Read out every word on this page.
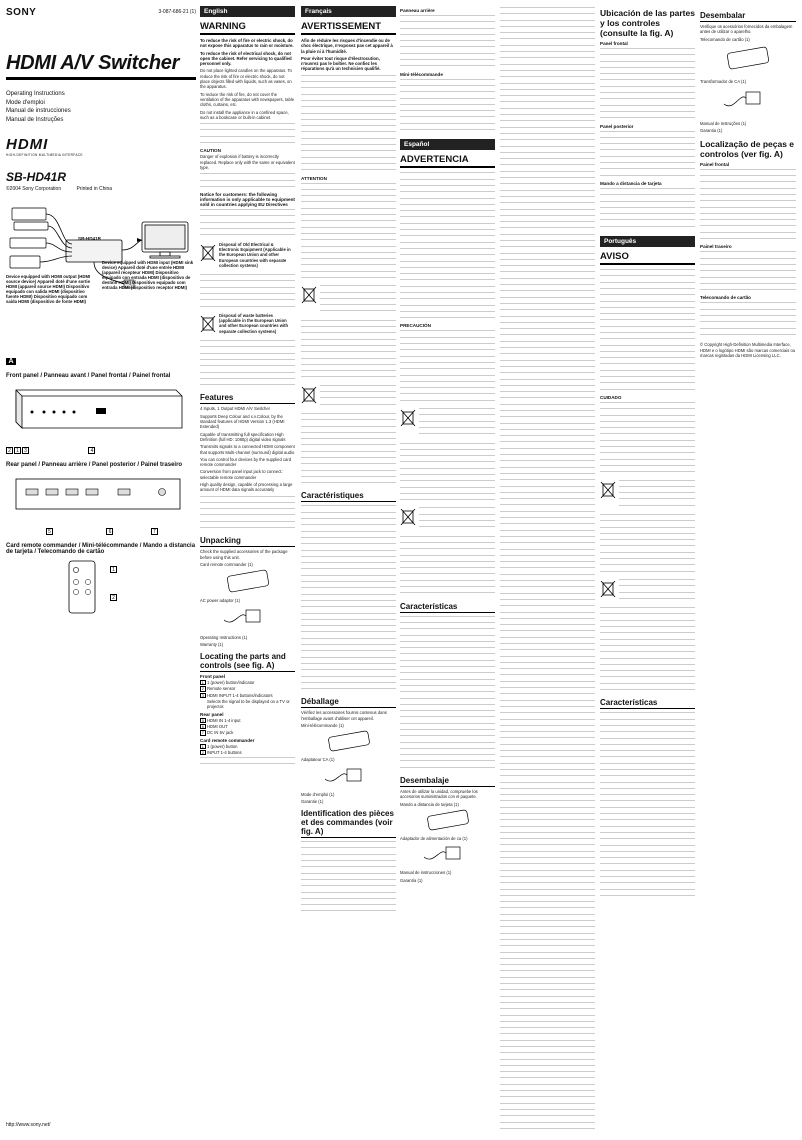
SONY	3-087-686-21 (1)
HDMI A/V Switcher
Operating Instructions
Mode d'emploi
Manual de instrucciones
Manual de Instruções
HDMI
HIGH-DEFINITION MULTIMEDIA INTERFACE
SB-HD41R
©2004 Sony Corporation	Printed in China
SB-HD41R
Device equipped with HDMI output (HDMI source device) Appareil doté d'une sortie HDMI (appareil source HDMI) Dispositivo equipado con salida HDMI (dispositivo fuente HDMI) Dispositivo equipado com saída HDMI (dispositivo de fonte HDMI)
Device equipped with HDMI input (HDMI sink device) Appareil doté d'une entrée HDMI (appareil récepteur HDMI) Dispositivo equipado con entrada HDMI (dispositivo de destino HDMI) Dispositivo equipado com entrada HDMI (dispositivo receptor HDMI)
A
Front panel / Panneau avant / Panel frontal / Painel frontal
2 1 3	4
Rear panel / Panneau arrière / Panel posterior / Painel traseiro
5	6	7
Card remote commander / Mini-télécommande / Mando a distancia de tarjeta / Telecomando de cartão
1
2
http://www.sony.net/
English
WARNING
To reduce the risk of fire or electric shock, do not expose this apparatus to rain or moisture.
To reduce the risk of electrical shock, do not open the cabinet. Refer servicing to qualified personnel only.
Do not place lighted candles on the apparatus. To reduce the risk of fire or electric shock, do not place objects filled with liquids, such as vases, on the apparatus.
To reduce the risk of fire, do not cover the ventilation of the apparatus with newspapers, table cloths, curtains, etc.
Do not install the appliance in a confined space, such as a bookcase or built-in cabinet.
CAUTION
Danger of explosion if battery is incorrectly replaced. Replace only with the same or equivalent type.
Notice for customers: the following information is only applicable to equipment sold in countries applying EU Directives
Disposal of Old Electrical & Electronic Equipment (Applicable in the European Union and other European countries with separate collection systems)
Disposal of waste batteries (applicable in the European Union and other European countries with separate collection systems)
Features
4 Inputs, 1 Output HDMI A/V Switcher
Supports Deep Colour and x.v.Colour, by the standard features of HDMI Version 1.3 (HDMI Extended)
Capable of transmitting full specification High Definition (full HD: 1080p) digital video signals
Transmits signals to a connected HDMI component that supports Multi-channel (surround) digital audio
You can control four devices by the supplied card remote commander
Conversion from panel input jack to connect: selectable remote commander
High quality design, capable of processing a large amount of HDMI data signals accurately
Unpacking
Check the supplied accessories of the package before using this unit.
Card remote commander (1)
AC power adaptor (1)
Operating Instructions (1)
Warranty (1)
Locating the parts and controls (see fig. A)
Front panel
1 1 (power) button/indicator
2 Remote sensor
3 HDMI INPUT 1-4 buttons/indicators
Selects the signal to be displayed on a TV or projector.
Rear panel
5 HDMI IN 1-4 input
6 HDMI OUT
7 DC IN 5V jack
Card remote commander
1 1 (power) button
2 INPUT 1-4 buttons
Français
AVERTISSEMENT
Afin de réduire les risques d'incendie ou de choc électrique, n'exposez pas cet appareil à la pluie ni à l'humidité.
Pour éviter tout risque d'électrocution, n'ouvrez pas le boîtier. Ne confiez les réparations qu'à un technicien qualifié.
ATTENTION
Caractéristiques
Déballage
Vérifiez les accessoires fournis contenus dans l'emballage avant d'utiliser cet appareil.
Mini-télécommande (1)
Adaptateur CA (1)
Mode d'emploi (1)
Garantie (1)
Identification des pièces et des commandes (voir fig. A)
Panneau arrière
Mini-télécommande
Español
ADVERTENCIA
PRECAUCIÓN
Características
Desembalaje
Antes de utilizar la unidad, compruebe los accesorios suministrados con el paquete.
Mando a distancia de tarjeta (1)
Adaptador de alimentación de ca (1)
Manual de instrucciones (1)
Garantía (1)
Ubicación de las partes y los controles (consulte la fig. A)
Panel frontal
Panel posterior
Mando a distancia de tarjeta
Português
AVISO
CUIDADO
Características
Desembalar
Verifique os acessórios fornecidos da embalagem antes de utilizar o aparelho.
Telecomando de cartão (1)
Transformador de CA (1)
Manual de Instruções (1)
Garantia (1)
Localização de peças e controlos (ver fig. A)
Painel frontal
Painel traseiro
Telecomando de cartão
© Copyright High-Definition Multimedia Interface, HDMI e o logótipo HDMI são marcas comerciais ou marcas registadas da HDMI Licensing LLC.
